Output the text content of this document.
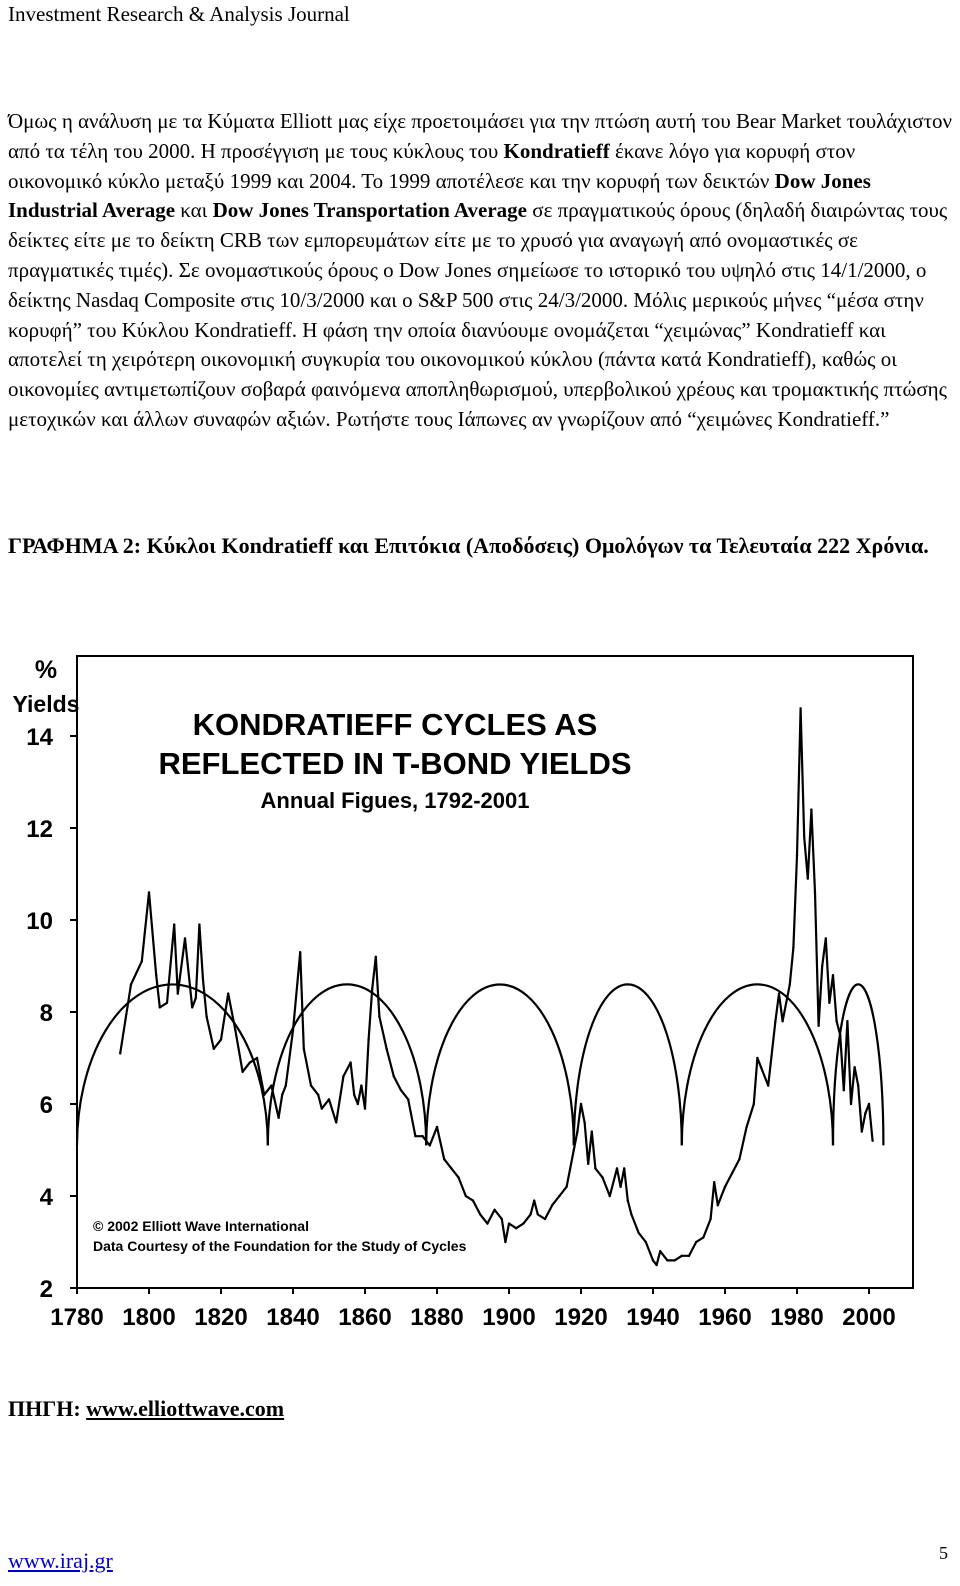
Investment Research & Analysis Journal

Όμως η ανάλυση με τα Κύματα Elliott μας είχε προετοιμάσει για την πτώση αυτή του Bear Market τουλάχιστον από τα τέλη του 2000. Η προσέγγιση με τους κύκλους του Kondratieff έκανε λόγο για κορυφή στον οικονομικό κύκλο μεταξύ 1999 και 2004. Το 1999 αποτέλεσε και την κορυφή των δεικτών Dow Jones Industrial Average και Dow Jones Transportation Average σε πραγματικούς όρους (δηλαδή διαιρώντας τους δείκτες είτε με το δείκτη CRB των εμπορευμάτων είτε με το χρυσό για αναγωγή από ονομαστικές σε πραγματικές τιμές). Σε ονομαστικούς όρους ο Dow Jones σημείωσε το ιστορικό του υψηλό στις 14/1/2000, ο δείκτης Nasdaq Composite στις 10/3/2000 και ο S&P 500 στις 24/3/2000. Μόλις μερικούς μήνες “μέσα στην κορυφή” του Κύκλου Kondratieff. Η φάση την οποία διανύουμε ονομάζεται “χειμώνας” Kondratieff και αποτελεί τη χειρότερη οικονομική συγκυρία του οικονομικού κύκλου (πάντα κατά Kondratieff), καθώς οι οικονομίες αντιμετωπίζουν σοβαρά φαινόμενα αποπληθωρισμού, υπερβολικού χρέους και τρομακτικής πτώσης μετοχικών και άλλων συναφών αξιών. Ρωτήστε τους Ιάπωνες αν γνωρίζουν από “χειμώνες Kondratieff.”

ΓΡΑΦΗΜΑ 2: Κύκλοι Kondratieff και Επιτόκια (Αποδόσεις) Ομολόγων τα Τελευταία 222 Χρόνια.

%
Yields
KONDRATIEFF CYCLES AS
REFLECTED IN T-BOND YIELDS
Annual Figues, 1792-2001
© 2002 Elliott Wave International
Data Courtesy of the Foundation for the Study of Cycles
2
4
6
8
10
12
14
1780 1800 1820 1840 1860 1880 1900 1920 1940 1960 1980 2000
ΠΗΓΗ: www.elliottwave.com
www.iraj.gr	5
